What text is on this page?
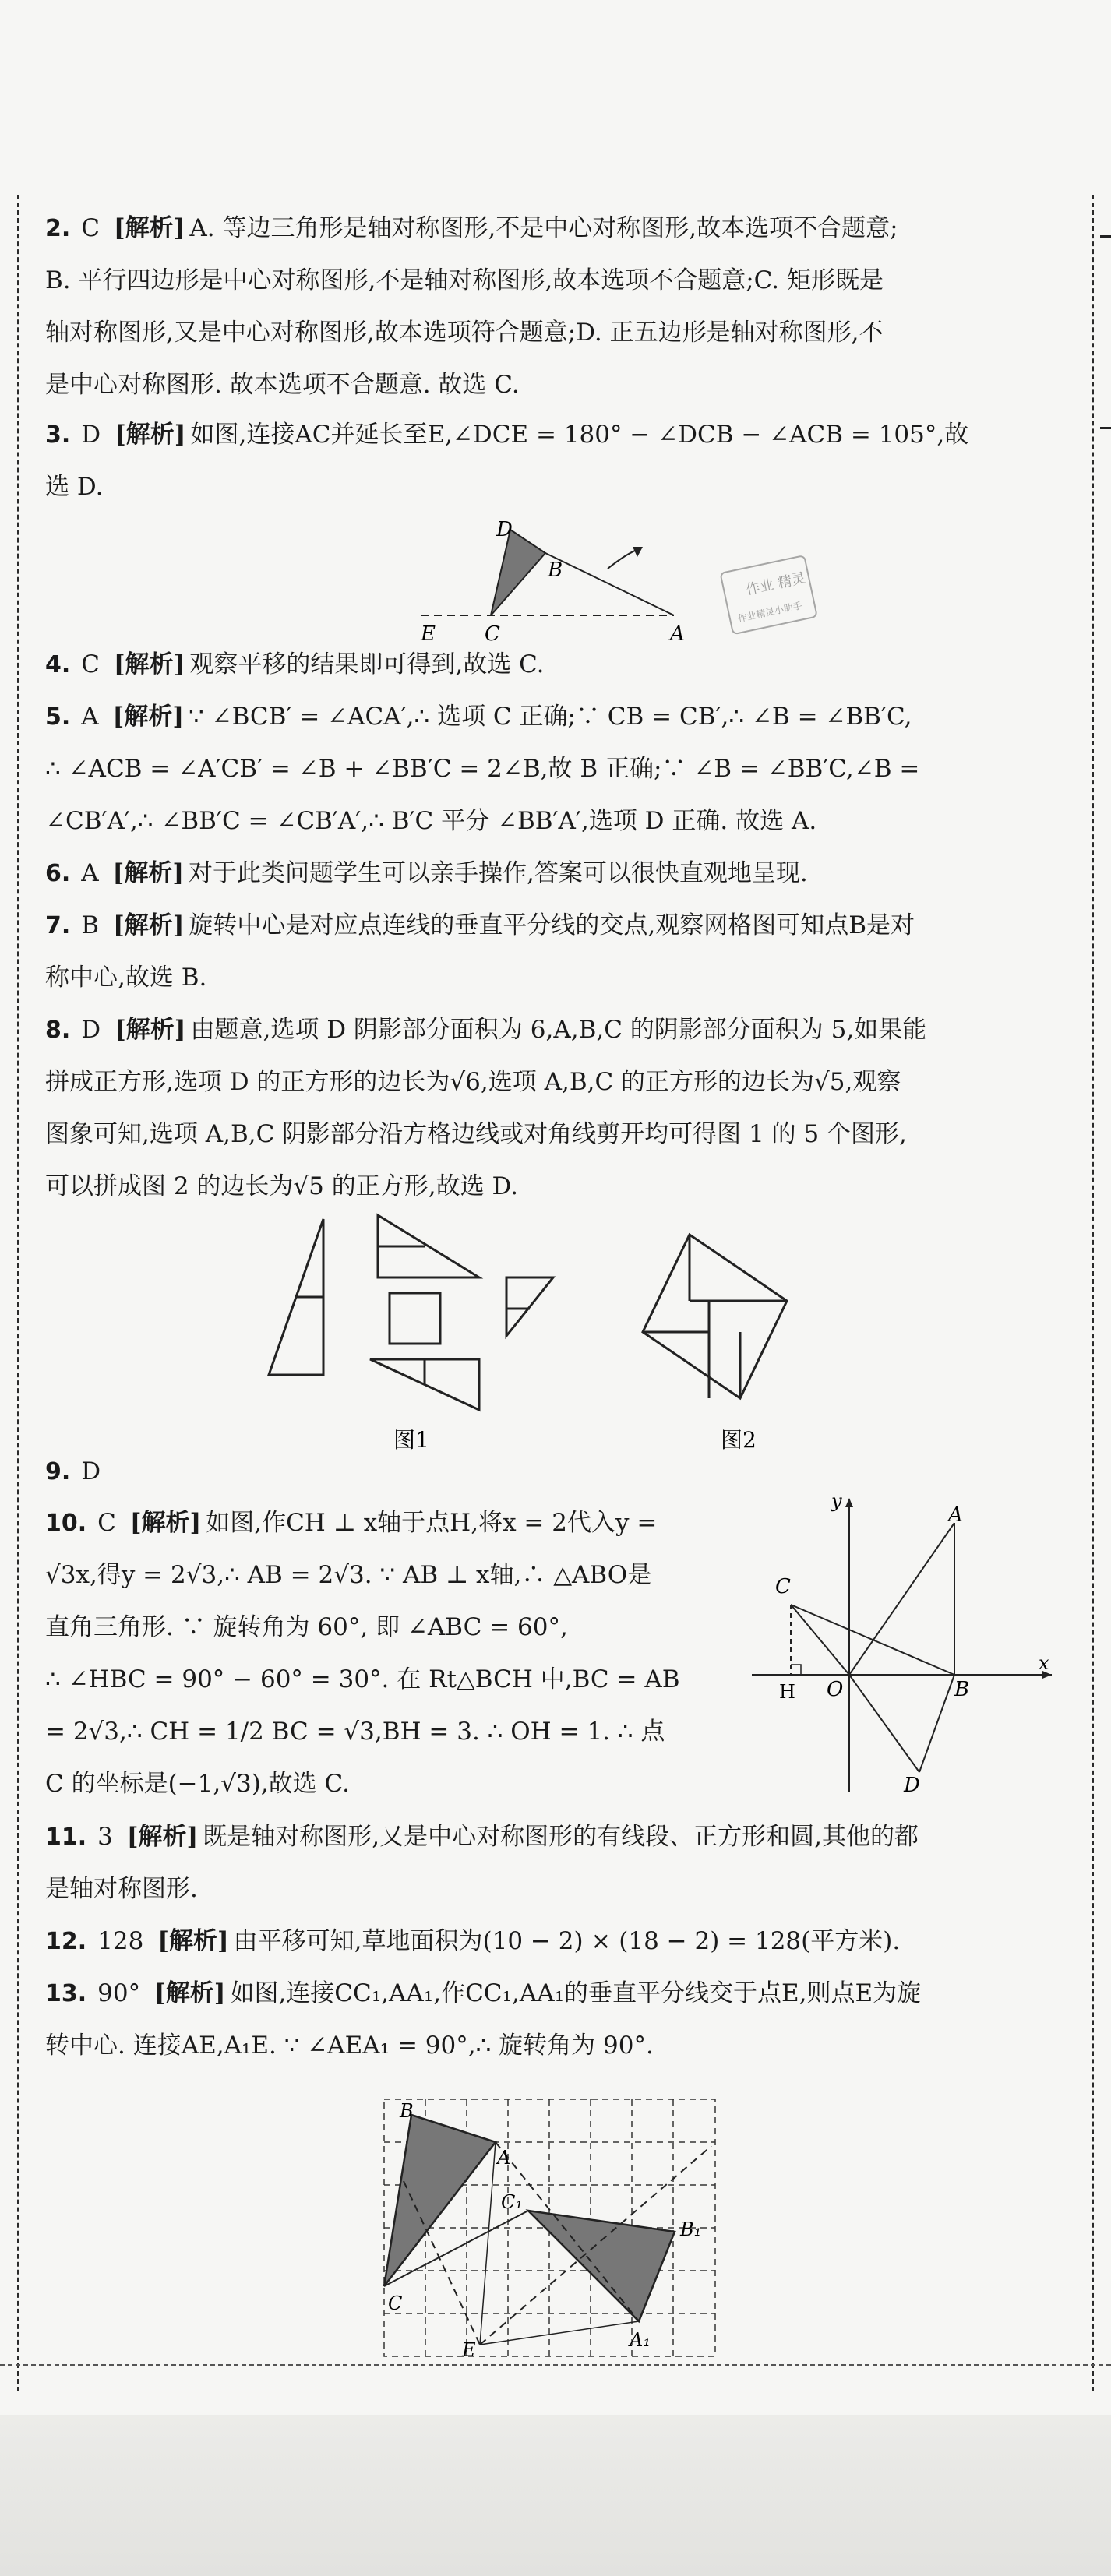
2. C [解析] A. 等边三角形是轴对称图形,不是中心对称图形,故本选项不合题意;
B. 平行四边形是中心对称图形,不是轴对称图形,故本选项不合题意;C. 矩形既是
轴对称图形,又是中心对称图形,故本选项符合题意;D. 正五边形是轴对称图形,不
是中心对称图形. 故本选项不合题意. 故选 C.
3. D [解析] 如图,连接AC并延长至E,∠DCE = 180° − ∠DCB − ∠ACB = 105°,故
选 D.
D
B
E C	A
作业 精灵
作业精灵小助手
4. C [解析] 观察平移的结果即可得到,故选 C.
5. A [解析] ∵ ∠BCB′ = ∠ACA′,∴ 选项 C 正确;∵ CB = CB′,∴ ∠B = ∠BB′C,
∴ ∠ACB = ∠A′CB′ = ∠B + ∠BB′C = 2∠B,故 B 正确;∵ ∠B = ∠BB′C,∠B =
∠CB′A′,∴ ∠BB′C = ∠CB′A′,∴ B′C 平分 ∠BB′A′,选项 D 正确. 故选 A.
6. A [解析] 对于此类问题学生可以亲手操作,答案可以很快直观地呈现.
7. B [解析] 旋转中心是对应点连线的垂直平分线的交点,观察网格图可知点B是对
称中心,故选 B.
8. D [解析] 由题意,选项 D 阴影部分面积为 6,A,B,C 的阴影部分面积为 5,如果能
拼成正方形,选项 D 的正方形的边长为√6,选项 A,B,C 的正方形的边长为√5,观察
图象可知,选项 A,B,C 阴影部分沿方格边线或对角线剪开均可得图 1 的 5 个图形,
可以拼成图 2 的边长为√5 的正方形,故选 D.
图1	图2
9. D
10. C [解析] 如图,作CH ⊥ x轴于点H,将x = 2代入y =
√3x,得y = 2√3,∴ AB = 2√3. ∵ AB ⊥ x轴,∴ △ABO是
直角三角形. ∵ 旋转角为 60°, 即 ∠ABC = 60°,
∴ ∠HBC = 90° − 60° = 30°. 在 Rt△BCH 中,BC = AB
= 2√3,∴ CH = 1/2 BC = √3,BH = 3. ∴ OH = 1. ∴ 点
C 的坐标是(−1,√3),故选 C.
y
A
C
H O	B
x
D
11. 3 [解析] 既是轴对称图形,又是中心对称图形的有线段、正方形和圆,其他的都
是轴对称图形.
12. 128 [解析] 由平移可知,草地面积为(10 − 2) × (18 − 2) = 128(平方米).
13. 90° [解析] 如图,连接CC₁,AA₁,作CC₁,AA₁的垂直平分线交于点E,则点E为旋
转中心. 连接AE,A₁E. ∵ ∠AEA₁ = 90°,∴ 旋转角为 90°.
B
A
C₁
B₁
C
E	A₁
